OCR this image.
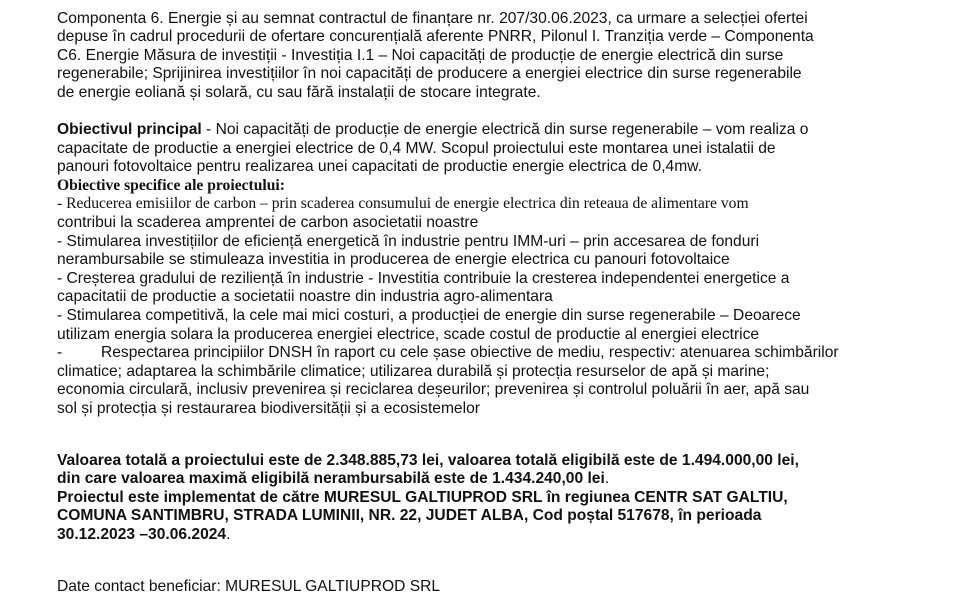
Componenta 6. Energie și au semnat contractul de finanțare nr. 207/30.06.2023, ca urmare a selecției ofertei
depuse în cadrul procedurii de ofertare concurențială aferente PNRR, Pilonul I. Tranziția verde – Componenta
C6. Energie Măsura de investiții - Investiția I.1 – Noi capacități de producție de energie electrică din surse
regenerabile; Sprijinirea investițiilor în noi capacități de producere a energiei electrice din surse regenerabile
de energie eoliană și solară, cu sau fără instalații de stocare integrate.

Obiectivul principal - Noi capacități de producție de energie electrică din surse regenerabile – vom realiza o
capacitate de productie a energiei electrice de 0,4 MW. Scopul proiectului este montarea unei istalatii de
panouri fotovoltaice pentru realizarea unei capacitati de productie energie electrica de 0,4mw.
Obiective specifice ale proiectului:
- Reducerea emisiilor de carbon – prin scaderea consumului de energie electrica din reteaua de alimentare vom
contribui la scaderea amprentei de carbon asocietatii noastre
- Stimularea investițiilor de eficiență energetică în industrie pentru IMM-uri – prin accesarea de fonduri
nerambursabile se stimuleaza investitia in producerea de energie electrica cu panouri fotovoltaice
- Creșterea gradului de reziliență în industrie - Investitia contribuie la cresterea independentei energetice a
capacitatii de productie a societatii noastre din industria agro-alimentara
- Stimularea competitivă, la cele mai mici costuri, a producției de energie din surse regenerabile – Deoarece
utilizam energia solara la producerea energiei electrice, scade costul de productie al energiei electrice
- Respectarea principiilor DNSH în raport cu cele șase obiective de mediu, respectiv: atenuarea schimbărilor
climatice; adaptarea la schimbările climatice; utilizarea durabilă și protecția resurselor de apă și marine;
economia circulară, inclusiv prevenirea și reciclarea deșeurilor; prevenirea și controlul poluării în aer, apă sau
sol și protecția și restaurarea biodiversității și a ecosistemelor

Valoarea totală a proiectului este de 2.348.885,73 lei, valoarea totală eligibilă este de 1.494.000,00 lei,
din care valoarea maximă eligibilă nerambursabilă este de 1.434.240,00 lei.
Proiectul este implementat de către MURESUL GALTIUPROD SRL în regiunea CENTR SAT GALTIU,
COMUNA SANTIMBRU, STRADA LUMINII, NR. 22, JUDET ALBA, Cod poștal 517678, în perioada
30.12.2023 –30.06.2024.

Date contact beneficiar: MURESUL GALTIUPROD SRL
